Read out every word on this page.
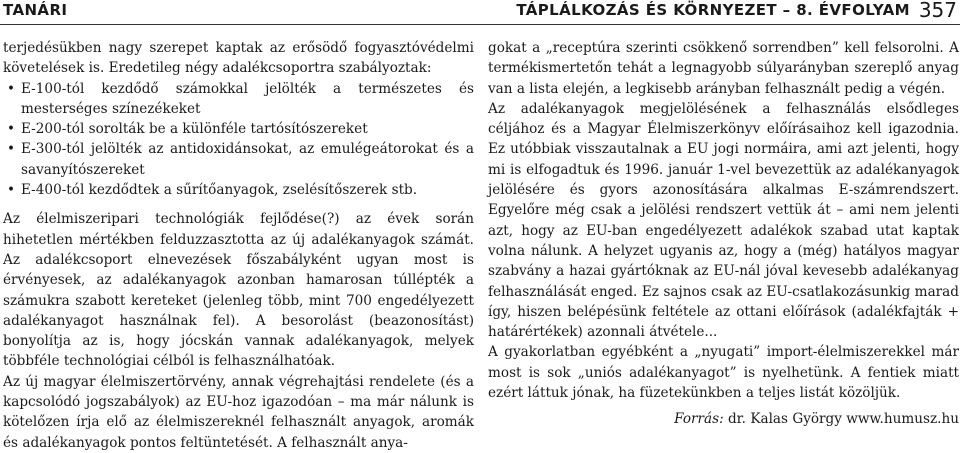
TANÁRI	TÁPLÁLKOZÁS ÉS KÖRNYEZET – 8. ÉVFOLYAM 357

terjedésükben nagy szerepet kaptak az erősödő fogyasztóvédelmi követelések is. Eredetileg négy adalékcsoportra szabályoztak:

• E-100-tól kezdődő számokkal jelölték a természetes és mesterséges színezékeket
• E-200-tól sorolták be a különféle tartósítószereket
• E-300-tól jelölték az antidoxidánsokat, az emulégeátorokat és a savanyítószereket
• E-400-tól kezdődtek a sűrítőanyagok, zselésítőszerek stb.

Az élelmiszeripari technológiák fejlődése(?) az évek során hihetetlen mértékben felduzzasztotta az új adalékanyagok számát. Az adalékcsoport elnevezések főszabályként ugyan most is érvényesek, az adalékanyagok azonban hamarosan túllépték a számukra szabott kereteket (jelenleg több, mint 700 engedélyezett adalékanyagot használnak fel). A besorolást (beazonosítást) bonyolítja az is, hogy jócskán vannak adalékanyagok, melyek többféle technológiai célból is felhasználhatóak.

Az új magyar élelmiszertörvény, annak végrehajtási rendelete (és a kapcsolódó jogszabályok) az EU-hoz igazodóan – ma már nálunk is kötelőzen írja elő az élelmiszereknél felhasznált anyagok, aromák és adalékanyagok pontos feltüntetését. A felhasznált anya-

gokat a „receptúra szerinti csökkenő sorrendben” kell felsorolni. A termékismertetőn tehát a legnagyobb súlyarányban szereplő anyag van a lista elején, a legkisebb arányban felhasznált pedig a végén.

Az adalékanyagok megjelölésének a felhasználás elsődleges céljához és a Magyar Élelmiszerkönyv előírásaihoz kell igazodnia. Ez utóbbiak visszautalnak a EU jogi normáira, ami azt jelenti, hogy mi is elfogadtuk és 1996. január 1-vel bevezettük az adalékanyagok jelölésére és gyors azonosítására alkalmas E-számrendszert. Egyelőre még csak a jelölési rendszert vettük át – ami nem jelenti azt, hogy az EU-ban engedélyezett adalékok szabad utat kaptak volna nálunk. A helyzet ugyanis az, hogy a (még) hatályos magyar szabvány a hazai gyártóknak az EU-nál jóval kevesebb adalékanyag felhasználását enged. Ez sajnos csak az EU-csatlakozásunkig marad így, hiszen belépésünk feltétele az ottani előírások (adalékfajták + határértékek) azonnali átvétele...

A gyakorlatban egyébként a „nyugati” import-élelmiszerekkel már most is sok „uniós adalékanyagot” is nyelhetünk. A fentiek miatt ezért láttuk jónak, ha füzetekünkben a teljes listát közöljük.

Forrás: dr. Kalas György www.humusz.hu
